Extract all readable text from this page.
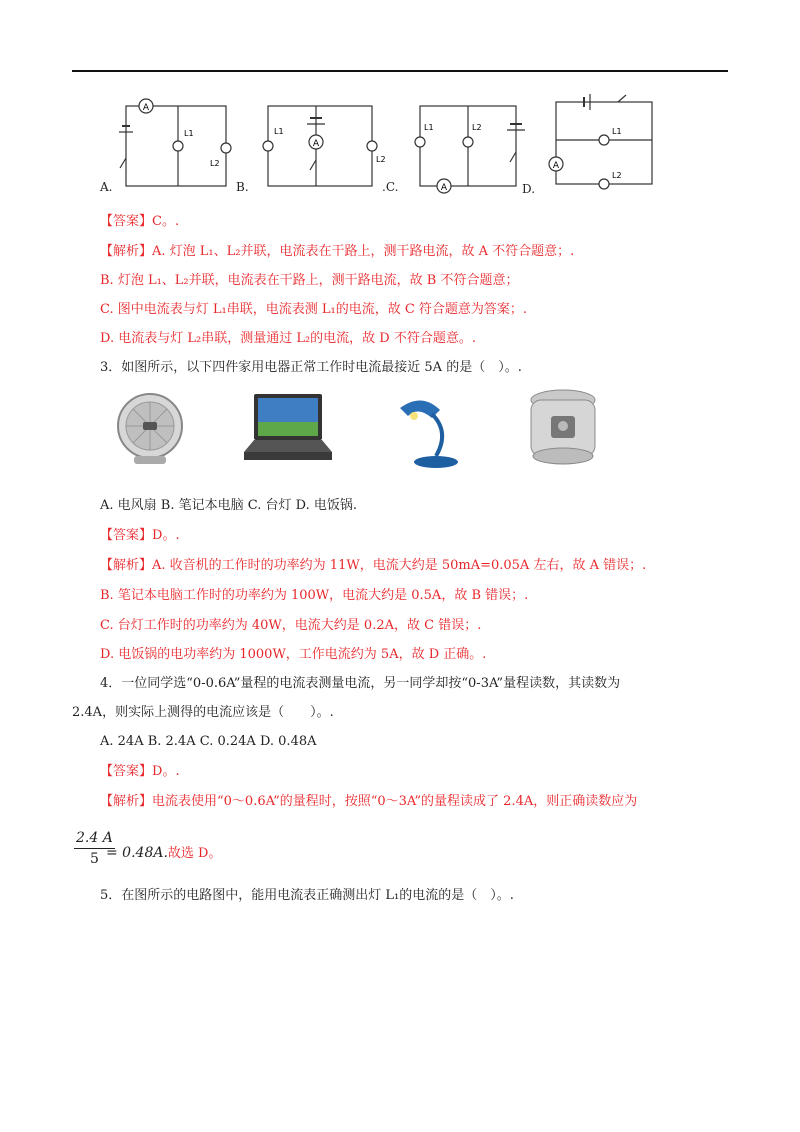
A
L1
L2
A.
A
L1
L2
B.	A
L1	L2
.C.
A
L1
L2
D.
【答案】C。.
【解析】A. 灯泡 L₁、L₂并联，电流表在干路上，测干路电流，故 A 不符合题意；.
B. 灯泡 L₁、L₂并联，电流表在干路上，测干路电流，故 B 不符合题意；
C. 图中电流表与灯 L₁串联，电流表测 L₁的电流，故 C 符合题意为答案；.
D. 电流表与灯 L₂串联，测量通过 L₂的电流，故 D 不符合题意。.
3．如图所示，以下四件家用电器正常工作时电流最接近 5A 的是（　）。.
A. 电风扇 B. 笔记本电脑 C. 台灯 D. 电饭锅.
【答案】D。.
【解析】A. 收音机的工作时的功率约为 11W，电流大约是 50mA=0.05A 左右，故 A 错误；.
B. 笔记本电脑工作时的功率约为 100W，电流大约是 0.5A，故 B 错误；.
C. 台灯工作时的功率约为 40W，电流大约是 0.2A，故 C 错误；.
D. 电饭锅的电功率约为 1000W，工作电流约为 5A，故 D 正确。.
4．一位同学选“0-0.6A”量程的电流表测量电流，另一同学却按“0-3A”量程读数，其读数为
2.4A，则实际上测得的电流应该是（　　）。.
A. 24A B. 2.4A C. 0.24A D. 0.48A
【答案】D。.
【解析】电流表使用“0～0.6A”的量程时，按照“0～3A”的量程读成了 2.4A，则正确读数应为
$\frac{2.4 A}{5}$
= 0.48A.故选 D。
5．在图所示的电路图中，能用电流表正确测出灯 L₁的电流的是（　）。.
